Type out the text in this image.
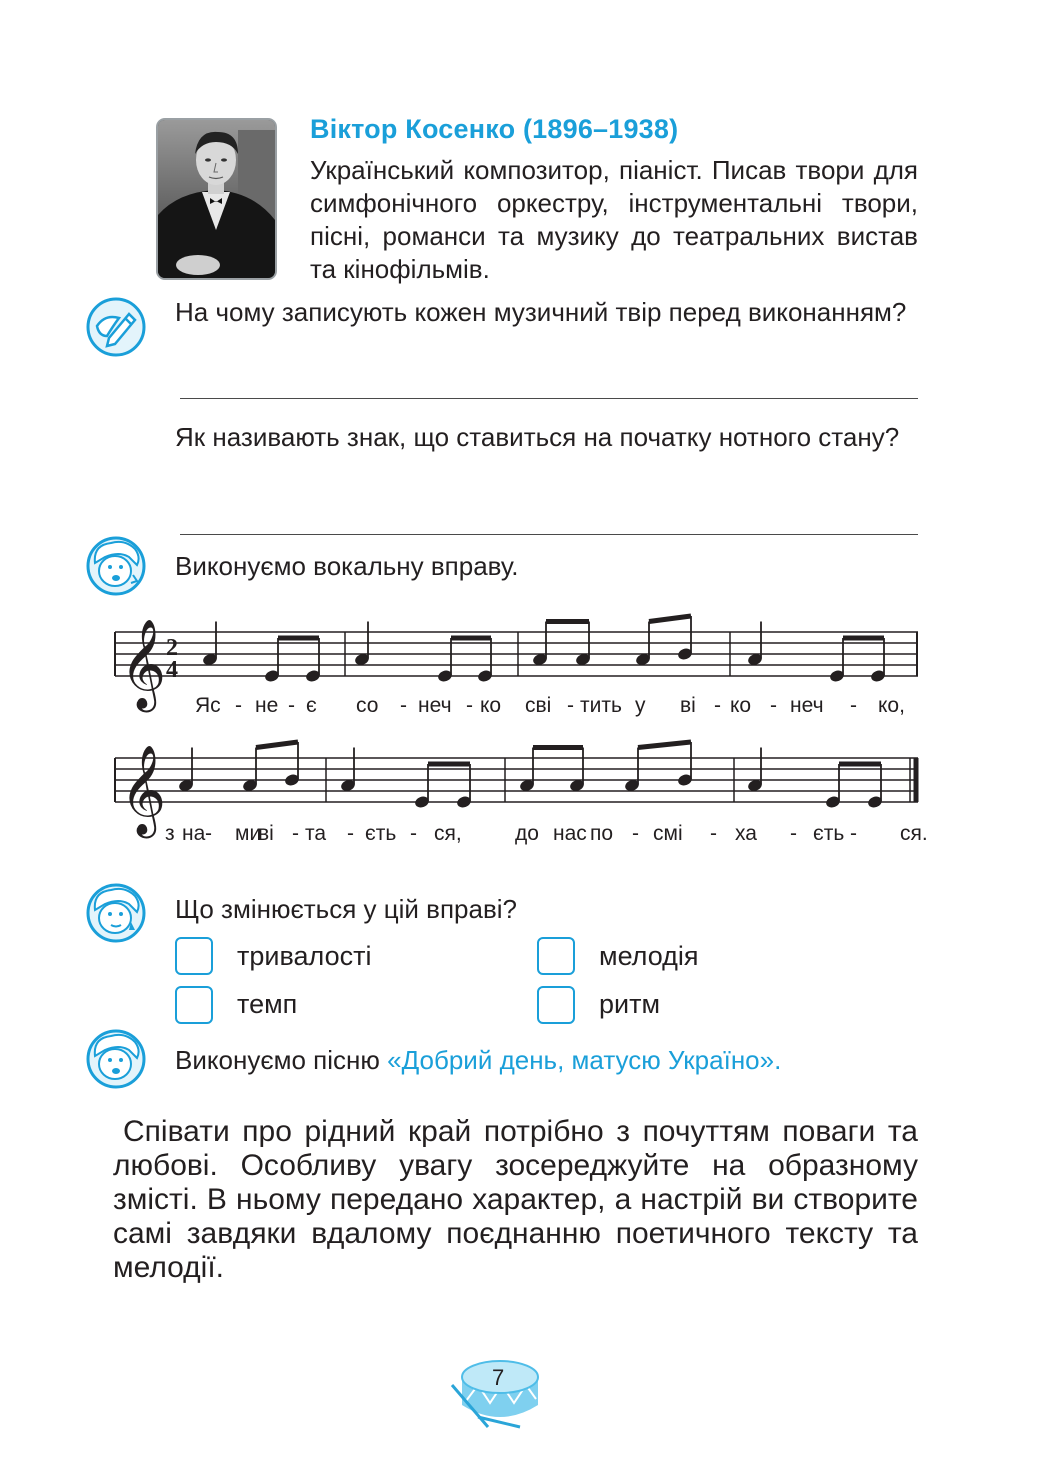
Віктор Косенко (1896–1938)
Український композитор, піаніст. Писав твори для симфонічного оркестру, інструментальні твори, пісні, романси та музику до театральних вистав та кінофільмів.
На чому записують кожен музичний твір перед виконанням?
Як називають знак, що ставиться на початку нотного стану?
Виконуємо вокальну вправу.
𝄞 2
4
𝄞
Яс - не - є со - неч - ко сві - тить у ві - ко - неч - ко,
з на - ми
ві - та - єть - ся,	до нас по - смі - ха - єть - ся.
Що змінюється у цій вправі?
тривалості	мелодія
темп	ритм
Виконуємо пісню «Добрий день, матусю Україно».
Співати про рідний край потрібно з почуттям поваги та любові. Особливу увагу зосереджуйте на образному змісті. В ньому передано характер, а настрій ви створите самі завдяки вдалому поєднанню поетичного тексту та мелодії.
7
